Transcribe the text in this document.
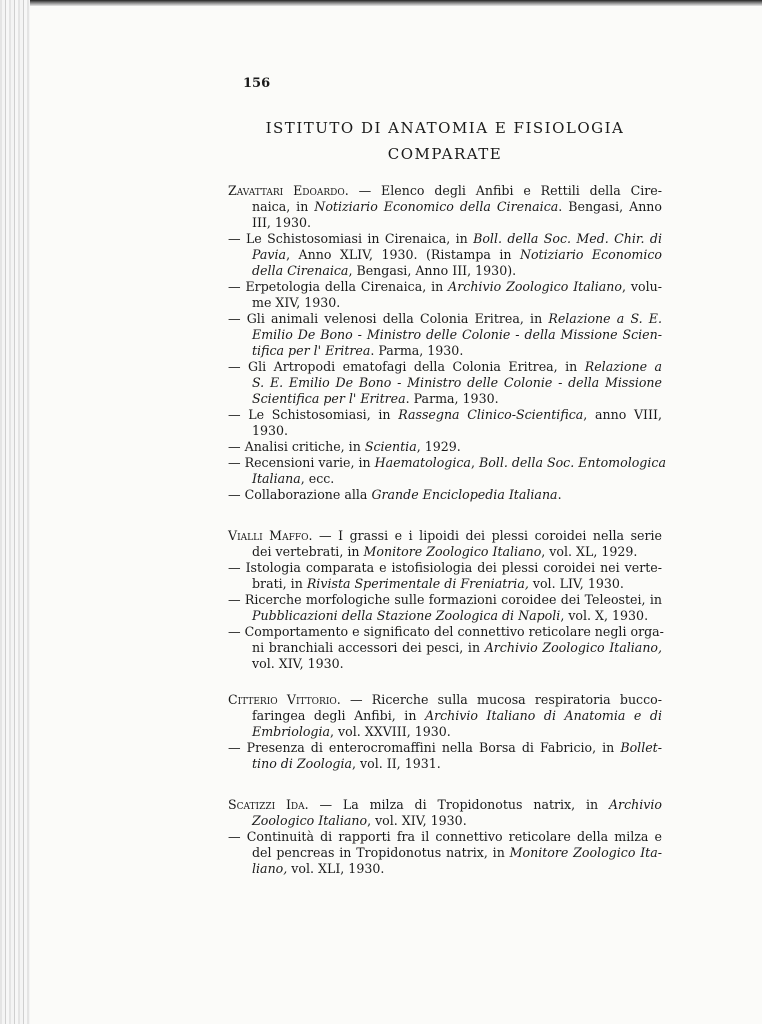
156
ISTITUTO DI ANATOMIA E FISIOLOGIA
COMPARATE
Zavattari Edoardo. — Elenco degli Anfibi e Rettili della Cire-
naica, in Notiziario Economico della Cirenaica. Bengasi, Anno
III, 1930.
— Le Schistosomiasi in Cirenaica, in Boll. della Soc. Med. Chir. di
Pavia, Anno XLIV, 1930. (Ristampa in Notiziario Economico
della Cirenaica, Bengasi, Anno III, 1930).
— Erpetologia della Cirenaica, in Archivio Zoologico Italiano, volu-
me XIV, 1930.
— Gli animali velenosi della Colonia Eritrea, in Relazione a S. E.
Emilio De Bono - Ministro delle Colonie - della Missione Scien-
tifica per l' Eritrea. Parma, 1930.
— Gli Artropodi ematofagi della Colonia Eritrea, in Relazione a
S. E. Emilio De Bono - Ministro delle Colonie - della Missione
Scientifica per l' Eritrea. Parma, 1930.
— Le Schistosomiasi, in Rassegna Clinico-Scientifica, anno VIII,
1930.
— Analisi critiche, in Scientia, 1929.
— Recensioni varie, in Haematologica, Boll. della Soc. Entomologica
Italiana, ecc.
— Collaborazione alla Grande Enciclopedia Italiana.
Vialli Maffo. — I grassi e i lipoidi dei plessi coroidei nella serie
dei vertebrati, in Monitore Zoologico Italiano, vol. XL, 1929.
— Istologia comparata e istofisiologia dei plessi coroidei nei verte-
brati, in Rivista Sperimentale di Freniatria, vol. LIV, 1930.
— Ricerche morfologiche sulle formazioni coroidee dei Teleostei, in
Pubblicazioni della Stazione Zoologica di Napoli, vol. X, 1930.
— Comportamento e significato del connettivo reticolare negli orga-
ni branchiali accessori dei pesci, in Archivio Zoologico Italiano,
vol. XIV, 1930.
Citterio Vittorio. — Ricerche sulla mucosa respiratoria bucco-
faringea degli Anfibi, in Archivio Italiano di Anatomia e di
Embriologia, vol. XXVIII, 1930.
— Presenza di enterocromaffini nella Borsa di Fabricio, in Bollet-
tino di Zoologia, vol. II, 1931.
Scatizzi Ida. — La milza di Tropidonotus natrix, in Archivio
Zoologico Italiano, vol. XIV, 1930.
— Continuità di rapporti fra il connettivo reticolare della milza e
del pencreas in Tropidonotus natrix, in Monitore Zoologico Ita-
liano, vol. XLI, 1930.
